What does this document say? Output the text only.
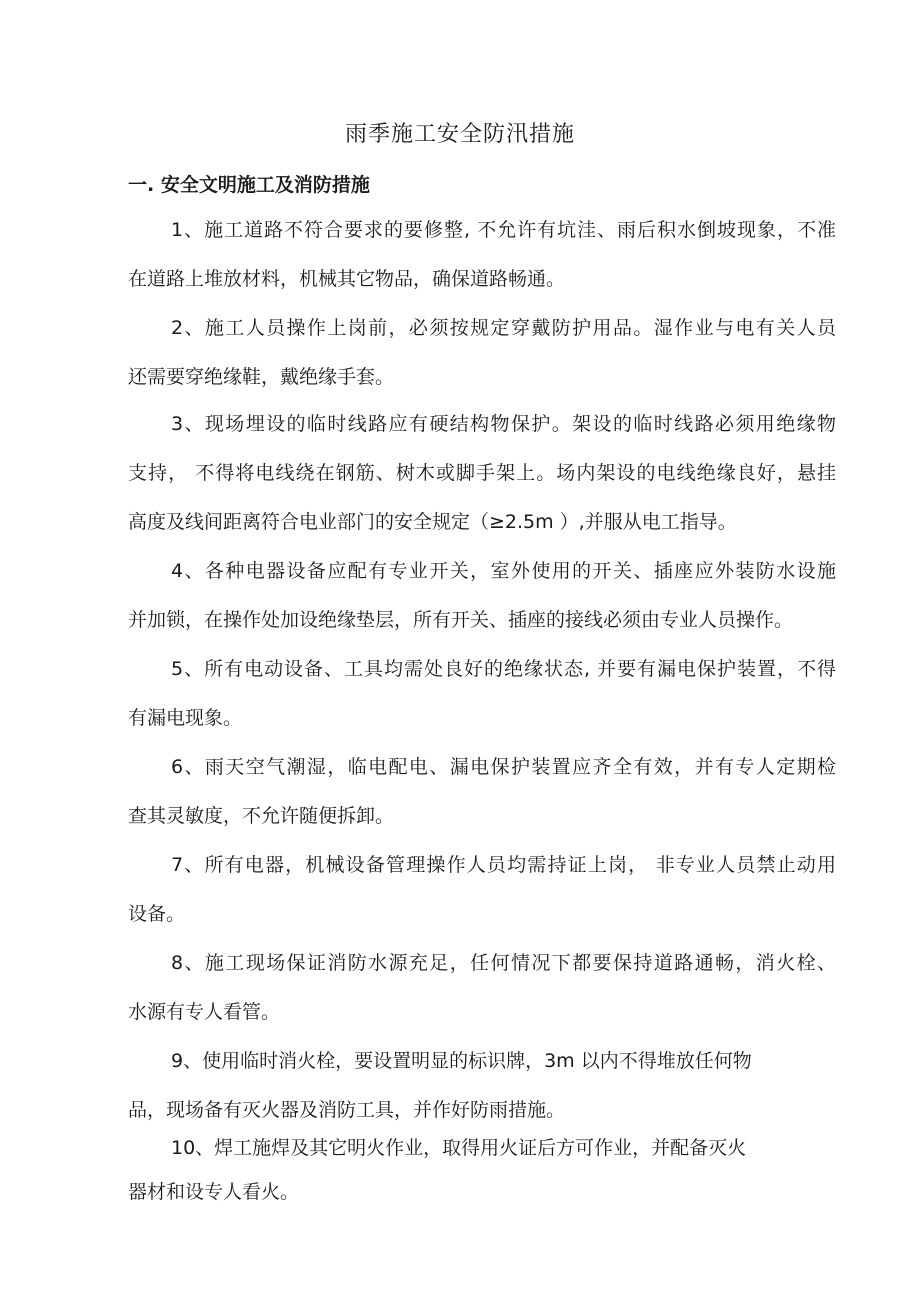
雨季施工安全防汛措施
一. 安全文明施工及消防措施
1、施工道路不符合要求的要修整, 不允许有坑洼、雨后积水倒坡现象，不准
在道路上堆放材料，机械其它物品，确保道路畅通。
2、施工人员操作上岗前，必须按规定穿戴防护用品。湿作业与电有关人员
还需要穿绝缘鞋，戴绝缘手套。
3、现场埋设的临时线路应有硬结构物保护。架设的临时线路必须用绝缘物
支持， 不得将电线绕在钢筋、树木或脚手架上。场内架设的电线绝缘良好，悬挂
高度及线间距离符合电业部门的安全规定（≥2.5m ）,并服从电工指导。
4、各种电器设备应配有专业开关，室外使用的开关、插座应外装防水设施
并加锁，在操作处加设绝缘垫层，所有开关、插座的接线必须由专业人员操作。
5、所有电动设备、工具均需处良好的绝缘状态, 并要有漏电保护装置，不得
有漏电现象。
6、雨天空气潮湿，临电配电、漏电保护装置应齐全有效，并有专人定期检
查其灵敏度，不允许随便拆卸。
7、所有电器，机械设备管理操作人员均需持证上岗， 非专业人员禁止动用
设备。
8、施工现场保证消防水源充足，任何情况下都要保持道路通畅，消火栓、
水源有专人看管。
9、使用临时消火栓，要设置明显的标识牌，3m 以内不得堆放任何物
品，现场备有灭火器及消防工具，并作好防雨措施。
10、焊工施焊及其它明火作业，取得用火证后方可作业，并配备灭火
器材和设专人看火。
